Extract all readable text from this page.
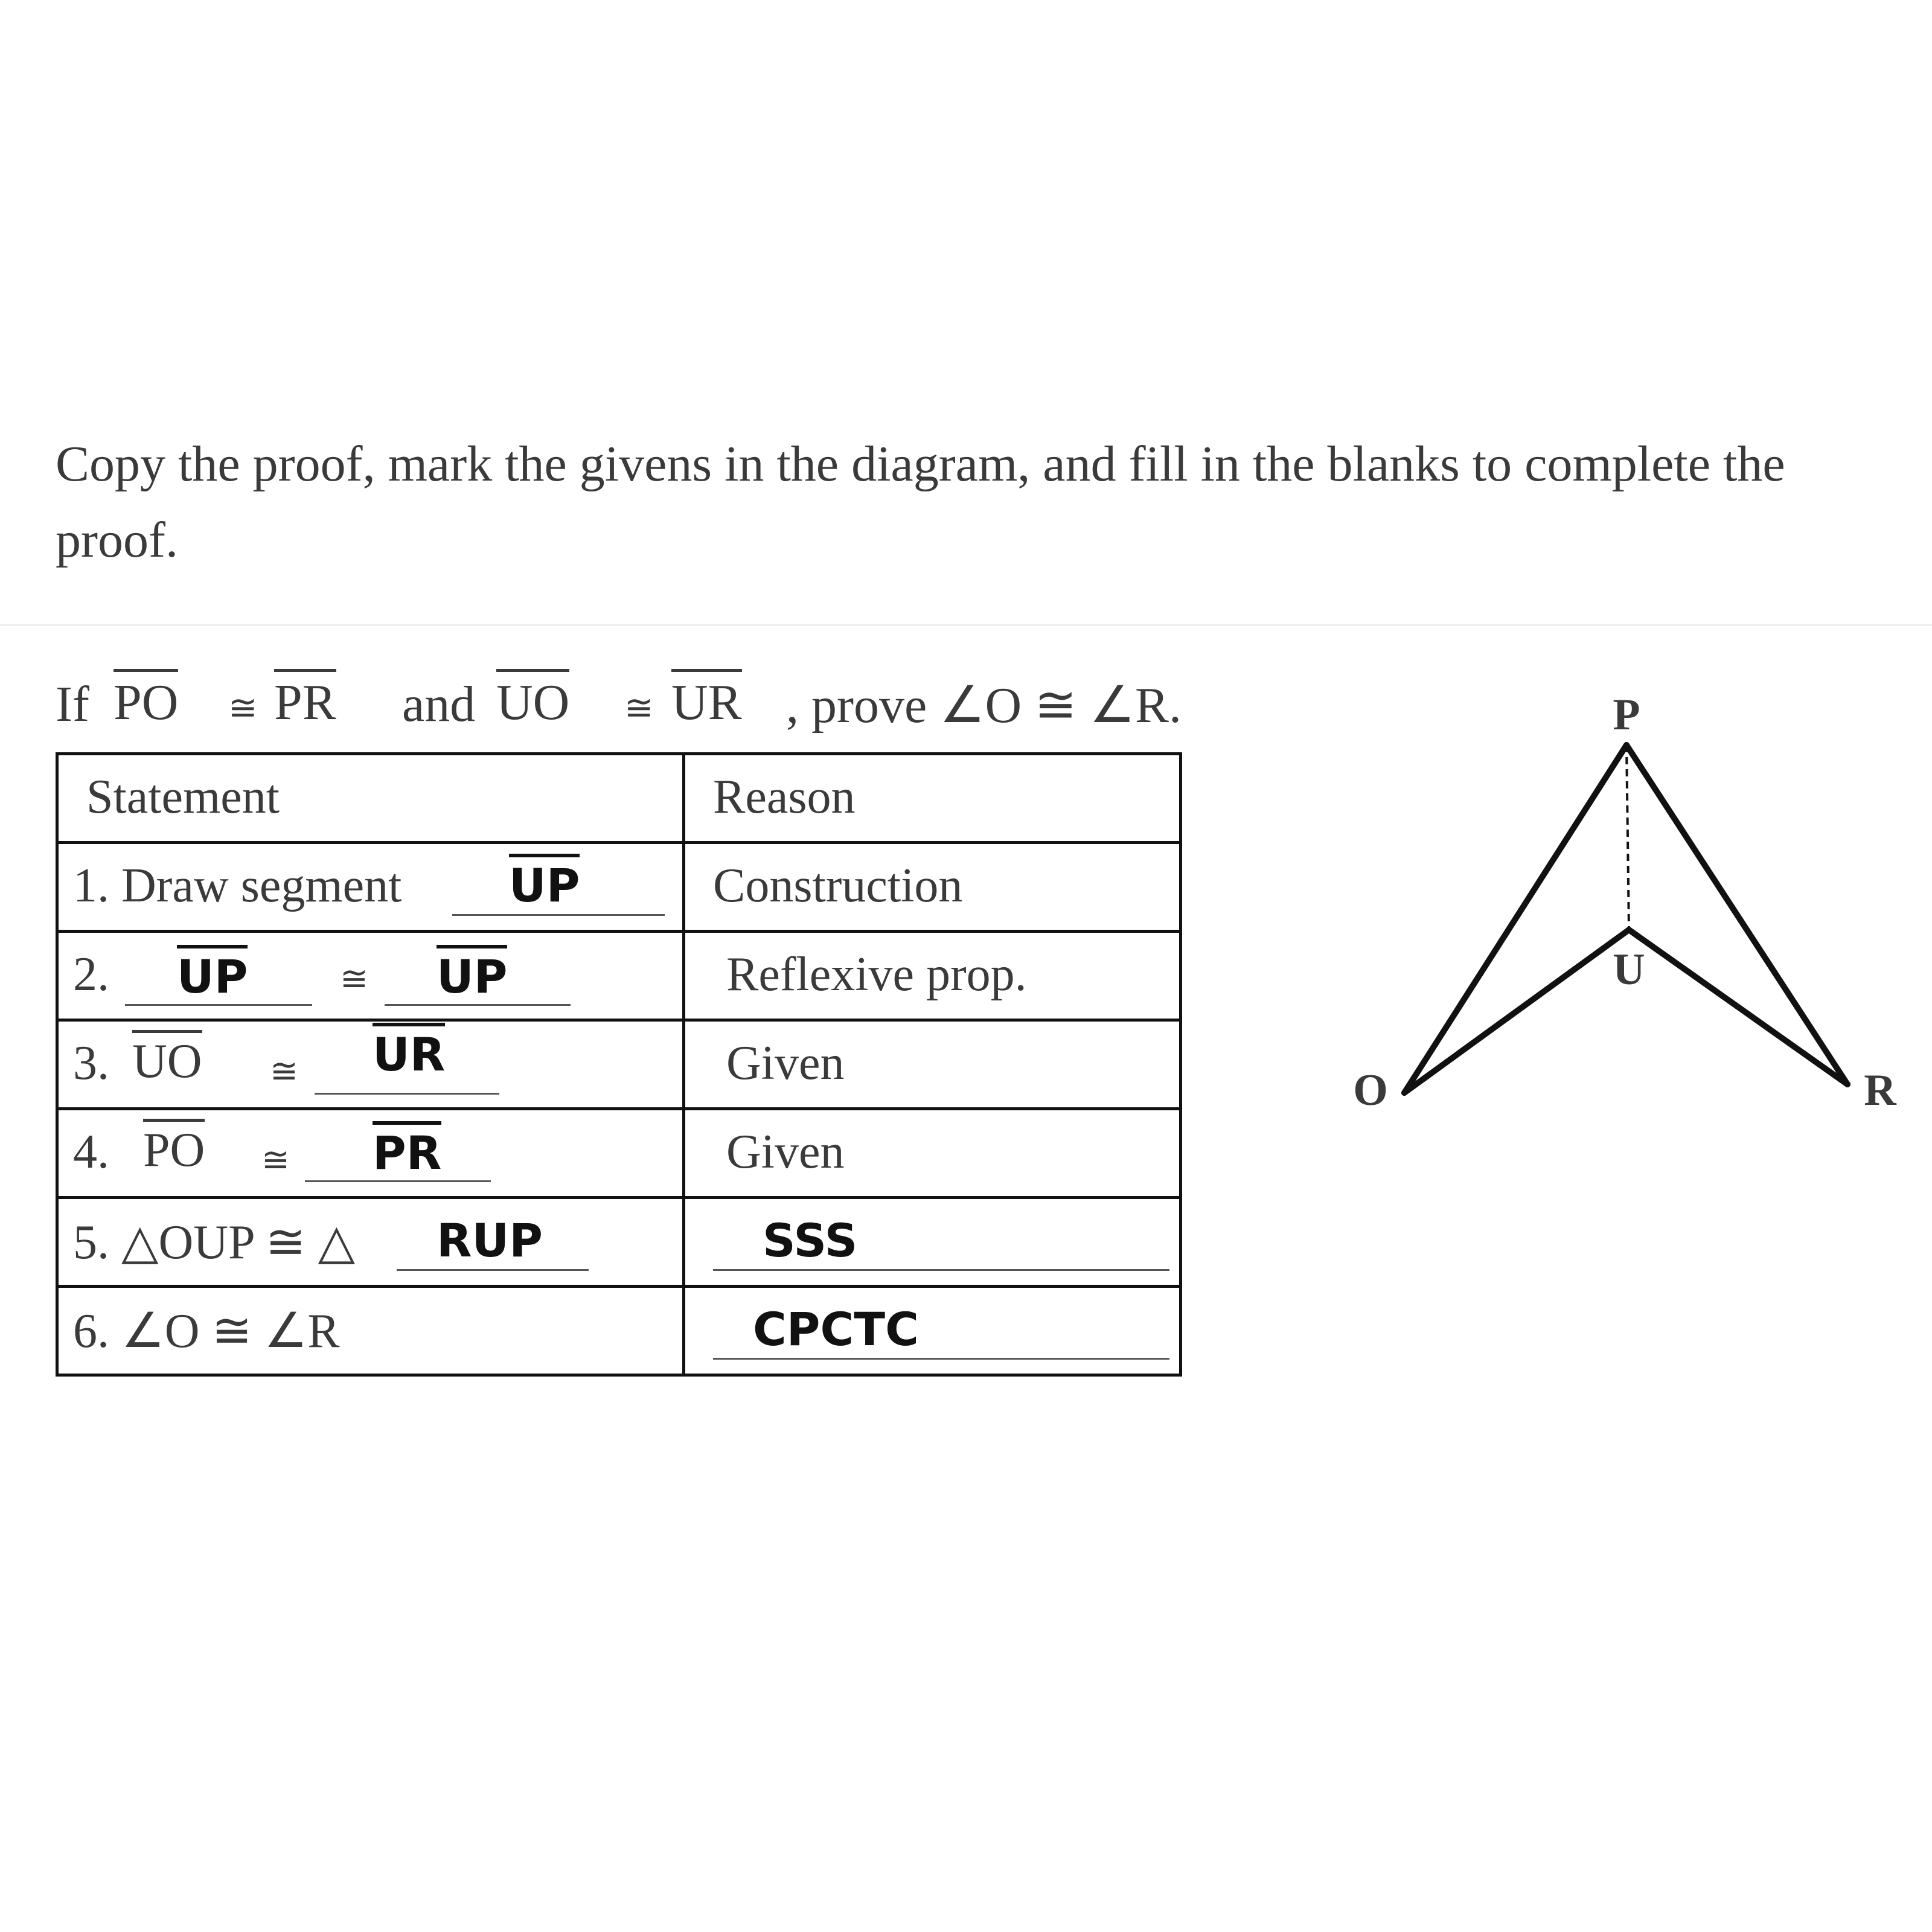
Copy the proof, mark the givens in the diagram, and fill in the blanks to complete the proof.
If PO ≅ PR and UO ≅ UR , prove ∠O ≅ ∠R.
Statement	Reason

1. Draw segment UP	Construction

2. UP ≅ UP	Reflexive prop.

3. UO ≅ UR	Given

4. PO ≅ PR	Given

5. △OUP ≅ △ RUP	SSS

6. ∠O ≅ ∠R	CPCTC
P
U
O	R
